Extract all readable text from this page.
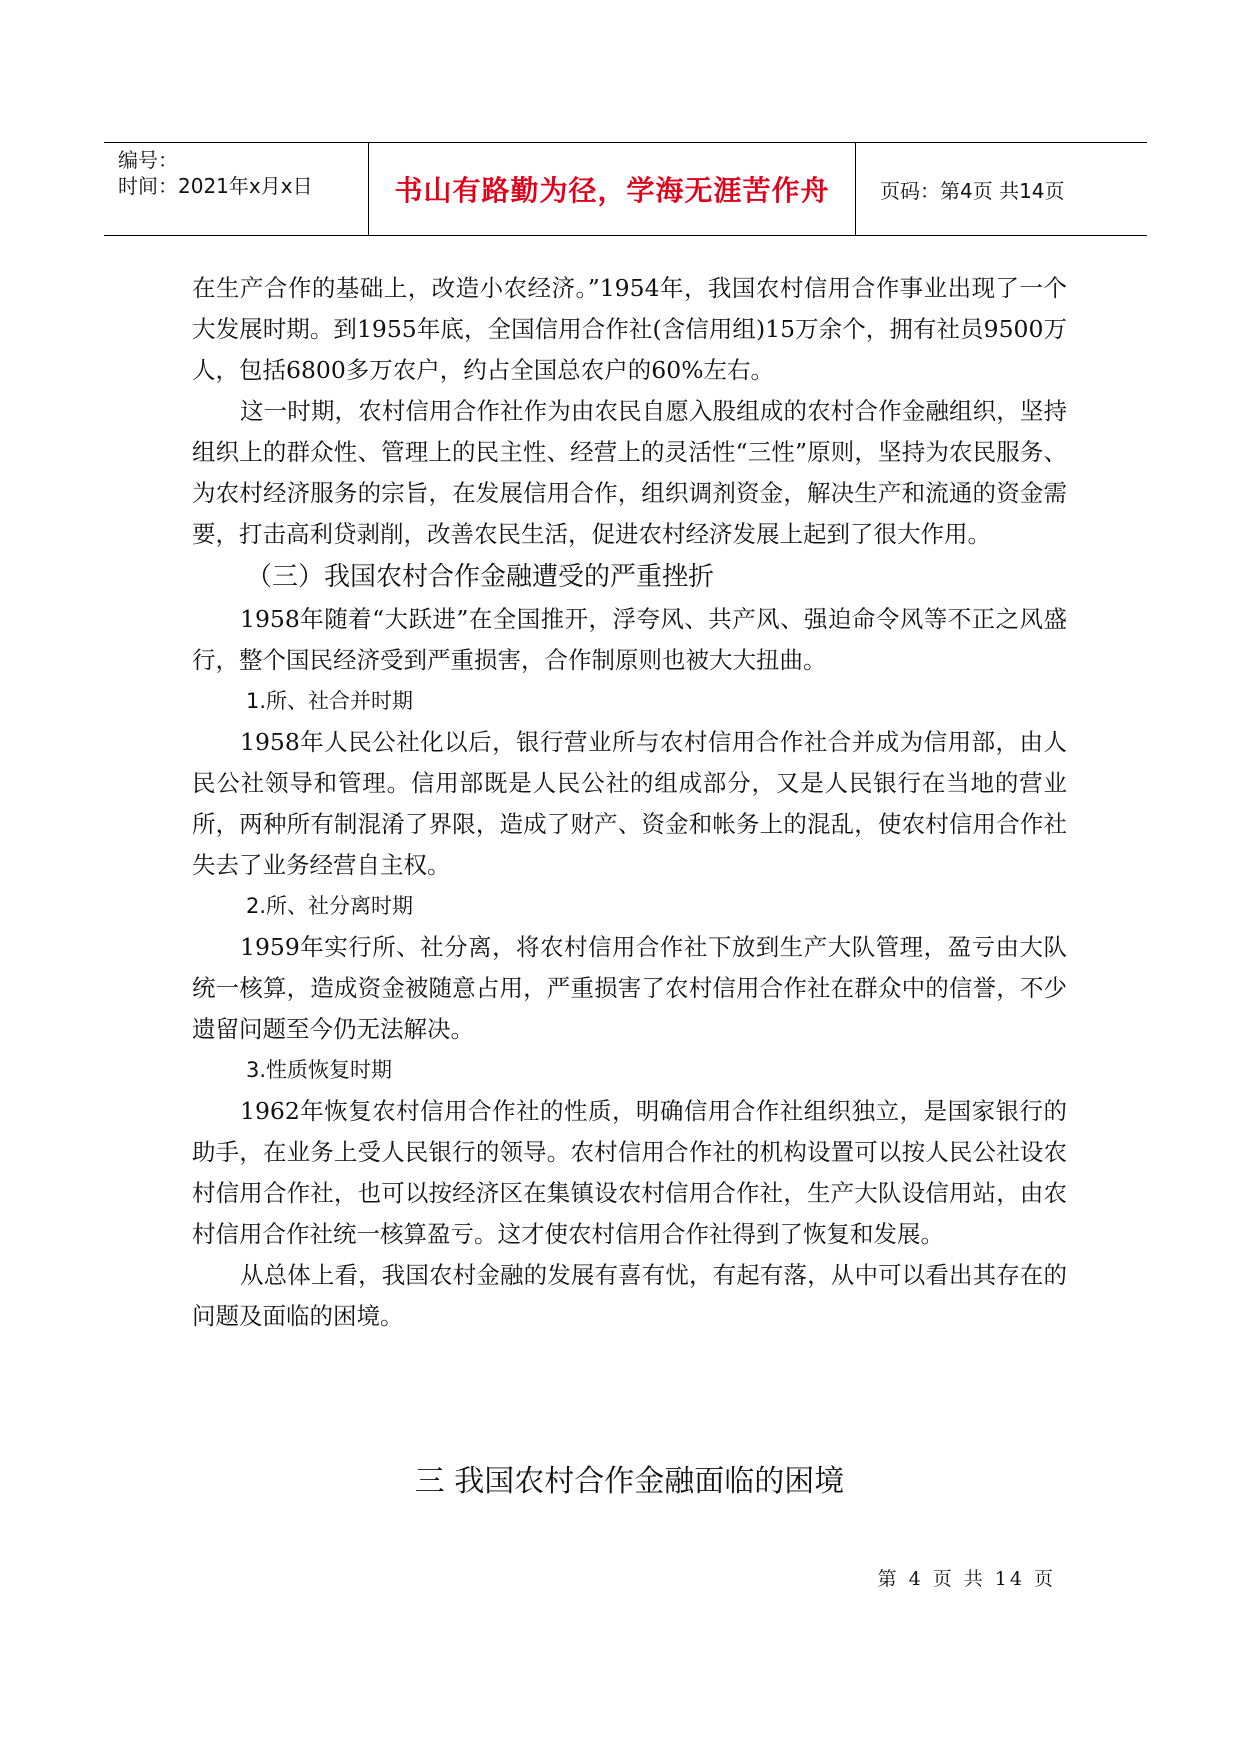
编号：
时间：2021年x月x日	书山有路勤为径，学海无涯苦作舟	页码：第4页 共14页

在生产合作的基础上，改造小农经济。”1954年，我国农村信用合作事业出现了一个大发展时期。到1955年底，全国信用合作社(含信用组)15万余个，拥有社员9500万人，包括6800多万农户，约占全国总农户的60%左右。

这一时期，农村信用合作社作为由农民自愿入股组成的农村合作金融组织，坚持组织上的群众性、管理上的民主性、经营上的灵活性“三性”原则，坚持为农民服务、为农村经济服务的宗旨，在发展信用合作，组织调剂资金，解决生产和流通的资金需要，打击高利贷剥削，改善农民生活，促进农村经济发展上起到了很大作用。

（三）我国农村合作金融遭受的严重挫折

1958年随着“大跃进”在全国推开，浮夸风、共产风、强迫命令风等不正之风盛行，整个国民经济受到严重损害，合作制原则也被大大扭曲。

1.所、社合并时期

1958年人民公社化以后，银行营业所与农村信用合作社合并成为信用部，由人民公社领导和管理。信用部既是人民公社的组成部分，又是人民银行在当地的营业所，两种所有制混淆了界限，造成了财产、资金和帐务上的混乱，使农村信用合作社失去了业务经营自主权。

2.所、社分离时期

1959年实行所、社分离，将农村信用合作社下放到生产大队管理，盈亏由大队统一核算，造成资金被随意占用，严重损害了农村信用合作社在群众中的信誉，不少遗留问题至今仍无法解决。

3.性质恢复时期

1962年恢复农村信用合作社的性质，明确信用合作社组织独立，是国家银行的助手，在业务上受人民银行的领导。农村信用合作社的机构设置可以按人民公社设农村信用合作社，也可以按经济区在集镇设农村信用合作社，生产大队设信用站，由农村信用合作社统一核算盈亏。这才使农村信用合作社得到了恢复和发展。

从总体上看，我国农村金融的发展有喜有忧，有起有落，从中可以看出其存在的问题及面临的困境。

三 我国农村合作金融面临的困境
第 4 页 共 14 页
